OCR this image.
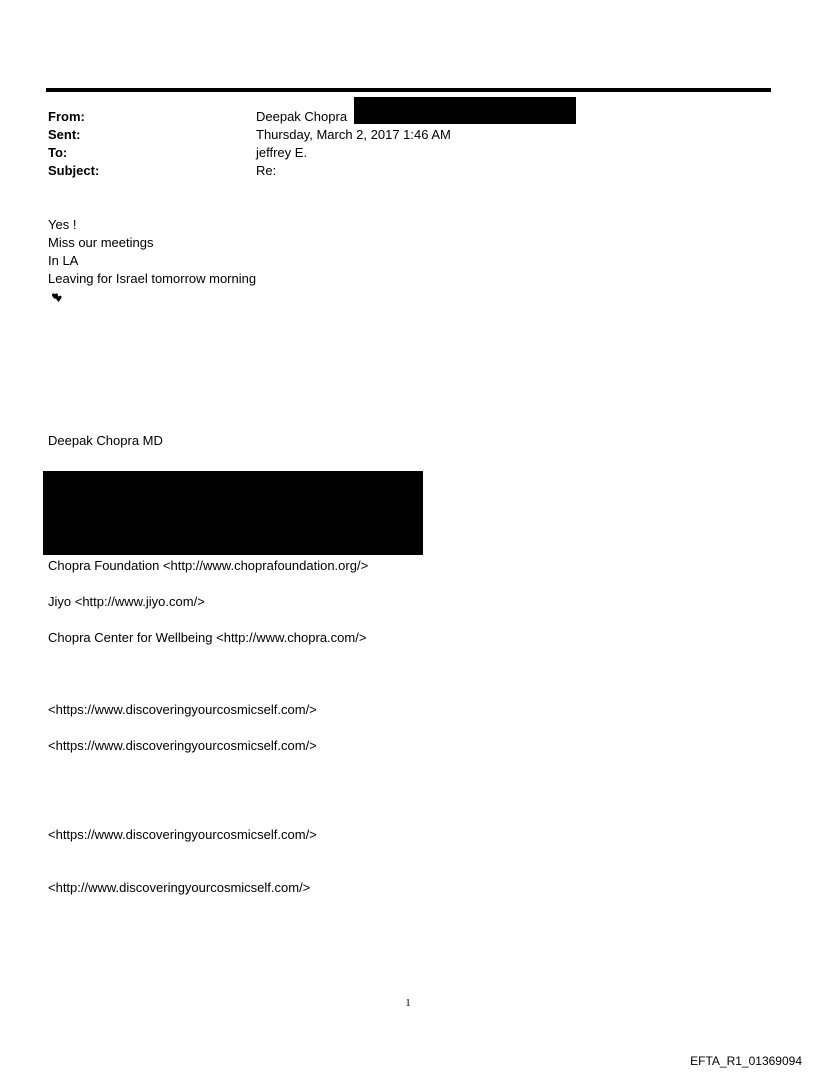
From:	Deepak Chopra
Sent:	Thursday, March 2, 2017 1:46 AM
To:	jeffrey E.
Subject:	Re:
Yes !
Miss our meetings
In LA
Leaving for Israel tomorrow morning
Deepak Chopra MD
Chopra Foundation <http://www.choprafoundation.org/>
Jiyo <http://www.jiyo.com/>
Chopra Center for Wellbeing <http://www.chopra.com/>
<https://www.discoveringyourcosmicself.com/>
<https://www.discoveringyourcosmicself.com/>
<https://www.discoveringyourcosmicself.com/>
<http://www.discoveringyourcosmicself.com/>
1
EFTA_R1_01369094
